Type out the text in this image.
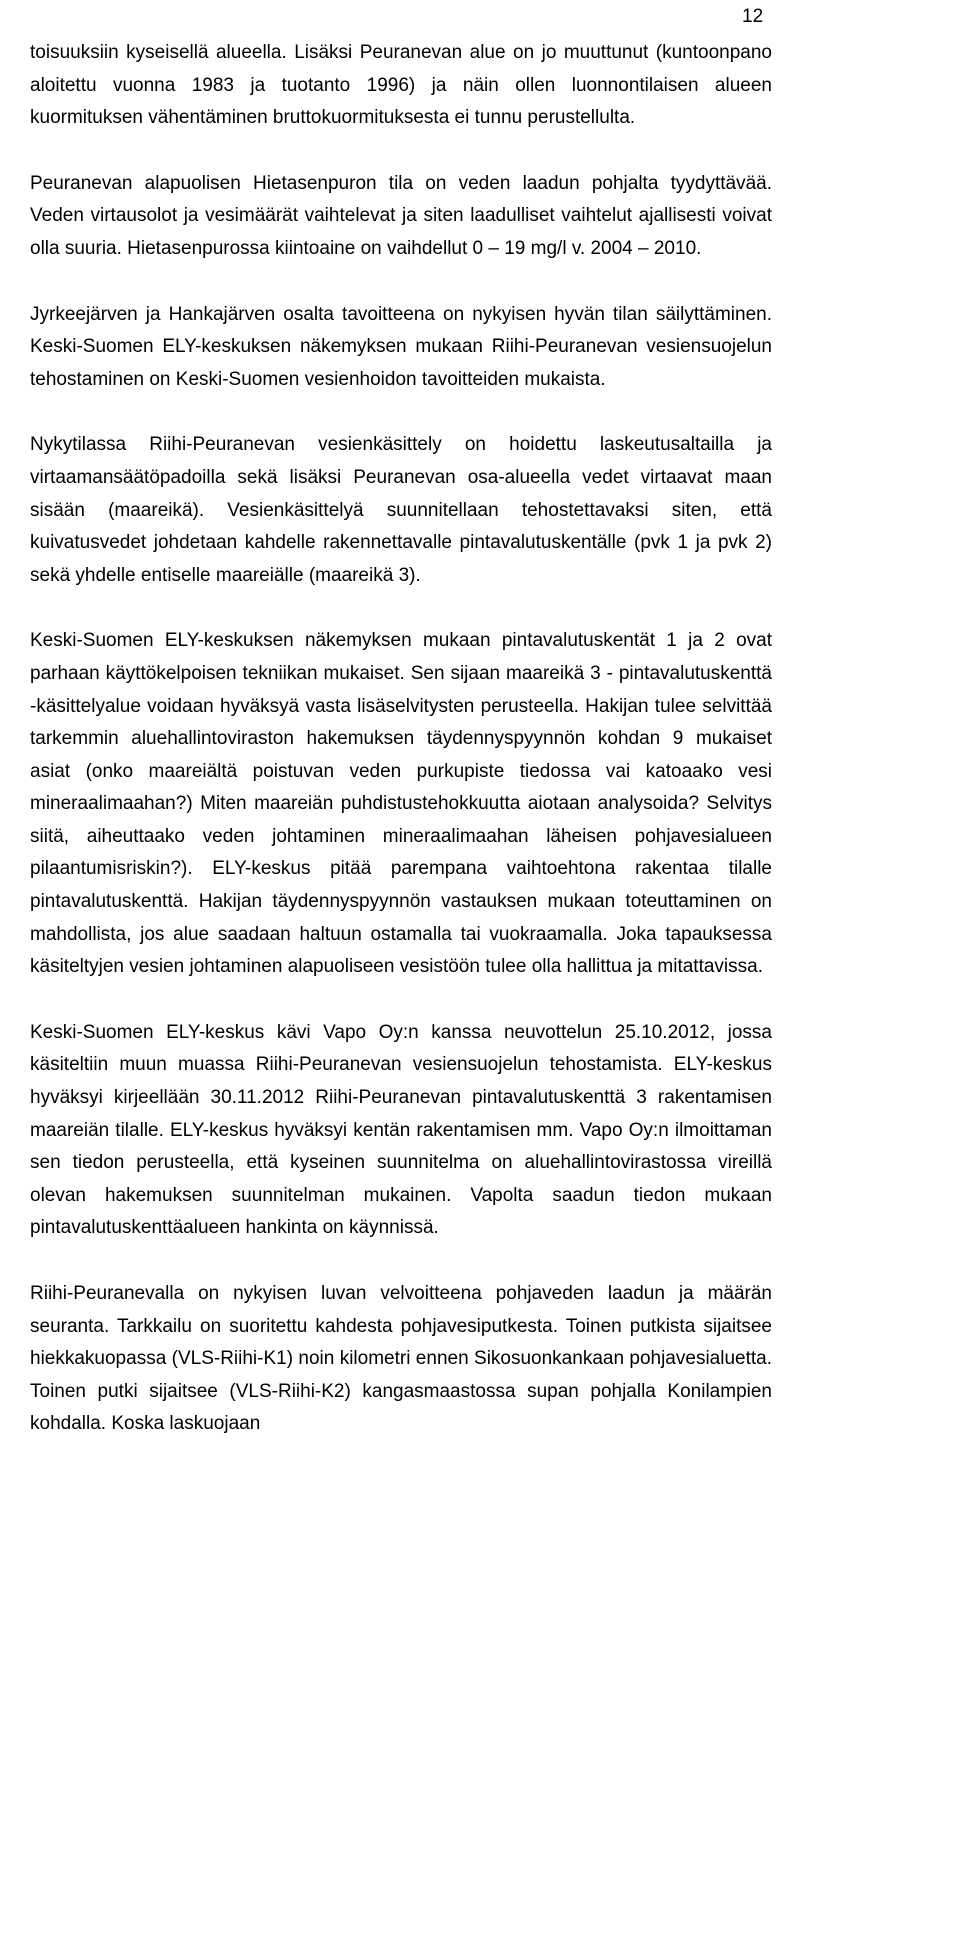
12

toisuuksiin kyseisellä alueella. Lisäksi Peuranevan alue on jo muuttunut (kuntoonpano aloitettu vuonna 1983 ja tuotanto 1996) ja näin ollen luonnontilaisen alueen kuormituksen vähentäminen bruttokuormituksesta ei tunnu perustellulta.

Peuranevan alapuolisen Hietasenpuron tila on veden laadun pohjalta tyydyttävää. Veden virtausolot ja vesimäärät vaihtelevat ja siten laadulliset vaihtelut ajallisesti voivat olla suuria. Hietasenpurossa kiintoaine on vaihdellut 0 – 19 mg/l v. 2004 – 2010.

Jyrkeejärven ja Hankajärven osalta tavoitteena on nykyisen hyvän tilan säilyttäminen. Keski-Suomen ELY-keskuksen näkemyksen mukaan Riihi-Peuranevan vesiensuojelun tehostaminen on Keski-Suomen vesienhoidon tavoitteiden mukaista.

Nykytilassa Riihi-Peuranevan vesienkäsittely on hoidettu laskeutusaltailla ja virtaamansäätöpadoilla sekä lisäksi Peuranevan osa-alueella vedet virtaavat maan sisään (maareikä). Vesienkäsittelyä suunnitellaan tehostettavaksi siten, että kuivatusvedet johdetaan kahdelle rakennettavalle pintavalutuskentälle (pvk 1 ja pvk 2) sekä yhdelle entiselle maareiälle (maareikä 3).

Keski-Suomen ELY-keskuksen näkemyksen mukaan pintavalutuskentät 1 ja 2 ovat parhaan käyttökelpoisen tekniikan mukaiset. Sen sijaan maareikä 3 - pintavalutuskenttä -käsittelyalue voidaan hyväksyä vasta lisäselvitysten perusteella. Hakijan tulee selvittää tarkemmin aluehallintoviraston hakemuksen täydennyspyynnön kohdan 9 mukaiset asiat (onko maareiältä poistuvan veden purkupiste tiedossa vai katoaako vesi mineraalimaahan?) Miten maareiän puhdistustehokkuutta aiotaan analysoida? Selvitys siitä, aiheuttaako veden johtaminen mineraalimaahan läheisen pohjavesialueen pilaantumisriskin?). ELY-keskus pitää parempana vaihtoehtona rakentaa tilalle pintavalutuskenttä. Hakijan täydennyspyynnön vastauksen mukaan toteuttaminen on mahdollista, jos alue saadaan haltuun ostamalla tai vuokraamalla. Joka tapauksessa käsiteltyjen vesien johtaminen alapuoliseen vesistöön tulee olla hallittua ja mitattavissa.

Keski-Suomen ELY-keskus kävi Vapo Oy:n kanssa neuvottelun 25.10.2012, jossa käsiteltiin muun muassa Riihi-Peuranevan vesiensuojelun tehostamista. ELY-keskus hyväksyi kirjeellään 30.11.2012 Riihi-Peuranevan pintavalutuskenttä 3 rakentamisen maareiän tilalle. ELY-keskus hyväksyi kentän rakentamisen mm. Vapo Oy:n ilmoittaman sen tiedon perusteella, että kyseinen suunnitelma on aluehallintovirastossa vireillä olevan hakemuksen suunnitelman mukainen. Vapolta saadun tiedon mukaan pintavalutuskenttäalueen hankinta on käynnissä.

Riihi-Peuranevalla on nykyisen luvan velvoitteena pohjaveden laadun ja määrän seuranta. Tarkkailu on suoritettu kahdesta pohjavesiputkesta. Toinen putkista sijaitsee hiekkakuopassa (VLS-Riihi-K1) noin kilometri ennen Sikosuonkankaan pohjavesialuetta. Toinen putki sijaitsee (VLS-Riihi-K2) kangasmaastossa supan pohjalla Konilampien kohdalla. Koska laskuojaan
